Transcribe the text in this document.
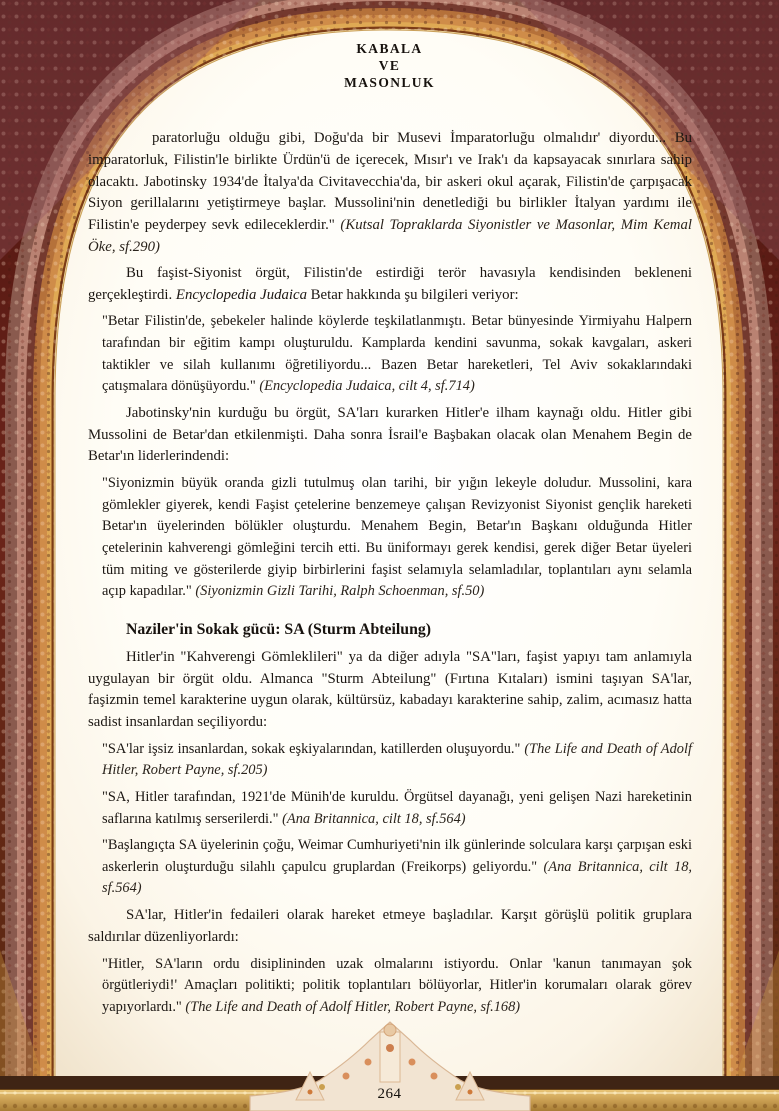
KABALA
VE
MASONLUK

paratorluğu olduğu gibi, Doğu'da bir Musevi İmparatorluğu olmalıdır' diyordu... Bu imparatorluk, Filistin'le birlikte Ürdün'ü de içerecek, Mısır'ı ve Irak'ı da kapsayacak sınırlara sahip olacaktı. Jabotinsky 1934'de İtalya'da Civitavecchia'da, bir askeri okul açarak, Filistin'de çarpışacak Siyon gerillalarını yetiştirmeye başlar. Mussolini'nin denetlediği bu birlikler İtalyan yardımı ile Filistin'e peyderpey sevk edileceklerdir." (Kutsal Topraklarda Siyonistler ve Masonlar, Mim Kemal Öke, sf.290)

Bu faşist-Siyonist örgüt, Filistin'de estirdiği terör havasıyla kendisinden bekleneni gerçekleştirdi. Encyclopedia Judaica Betar hakkında şu bilgileri veriyor:

"Betar Filistin'de, şebekeler halinde köylerde teşkilatlanmıştı. Betar bünyesinde Yirmiyahu Halpern tarafından bir eğitim kampı oluşturuldu. Kamplarda kendini savunma, sokak kavgaları, askeri taktikler ve silah kullanımı öğretiliyordu... Bazen Betar hareketleri, Tel Aviv sokaklarındaki çatışmalara dönüşüyordu." (Encyclopedia Judaica, cilt 4, sf.714)

Jabotinsky'nin kurduğu bu örgüt, SA'ları kurarken Hitler'e ilham kaynağı oldu. Hitler gibi Mussolini de Betar'dan etkilenmişti. Daha sonra İsrail'e Başbakan olacak olan Menahem Begin de Betar'ın liderlerindendi:

"Siyonizmin büyük oranda gizli tutulmuş olan tarihi, bir yığın lekeyle doludur. Mussolini, kara gömlekler giyerek, kendi Faşist çetelerine benzemeye çalışan Revizyonist Siyonist gençlik hareketi Betar'ın üyelerinden bölükler oluşturdu. Menahem Begin, Betar'ın Başkanı olduğunda Hitler çetelerinin kahverengi gömleğini tercih etti. Bu üniformayı gerek kendisi, gerek diğer Betar üyeleri tüm miting ve gösterilerde giyip birbirlerini faşist selamıyla selamladılar, toplantıları aynı selamla açıp kapadılar." (Siyonizmin Gizli Tarihi, Ralph Schoenman, sf.50)

Naziler'in Sokak gücü: SA (Sturm Abteilung)

Hitler'in "Kahverengi Gömleklileri" ya da diğer adıyla "SA"ları, faşist yapıyı tam anlamıyla uygulayan bir örgüt oldu. Almanca "Sturm Abteilung" (Fırtına Kıtaları) ismini taşıyan SA'lar, faşizmin temel karakterine uygun olarak, kültürsüz, kabadayı karakterine sahip, zalim, acımasız hatta sadist insanlardan seçiliyordu:

"SA'lar işsiz insanlardan, sokak eşkiyalarından, katillerden oluşuyordu." (The Life and Death of Adolf Hitler, Robert Payne, sf.205)

"SA, Hitler tarafından, 1921'de Münih'de kuruldu. Örgütsel dayanağı, yeni gelişen Nazi hareketinin saflarına katılmış serserilerdi." (Ana Britannica, cilt 18, sf.564)

"Başlangıçta SA üyelerinin çoğu, Weimar Cumhuriyeti'nin ilk günlerinde solculara karşı çarpışan eski askerlerin oluşturduğu silahlı çapulcu gruplardan (Freikorps) geliyordu." (Ana Britannica, cilt 18, sf.564)

SA'lar, Hitler'in fedaileri olarak hareket etmeye başladılar. Karşıt görüşlü politik gruplara saldırılar düzenliyorlardı:

"Hitler, SA'ların ordu disiplininden uzak olmalarını istiyordu. Onlar 'kanun tanımayan şok örgütleriydi!' Amaçları politikti; politik toplantıları bölüyorlar, Hitler'in korumaları olarak görev yapıyorlardı." (The Life and Death of Adolf Hitler, Robert Payne, sf.168)

264
